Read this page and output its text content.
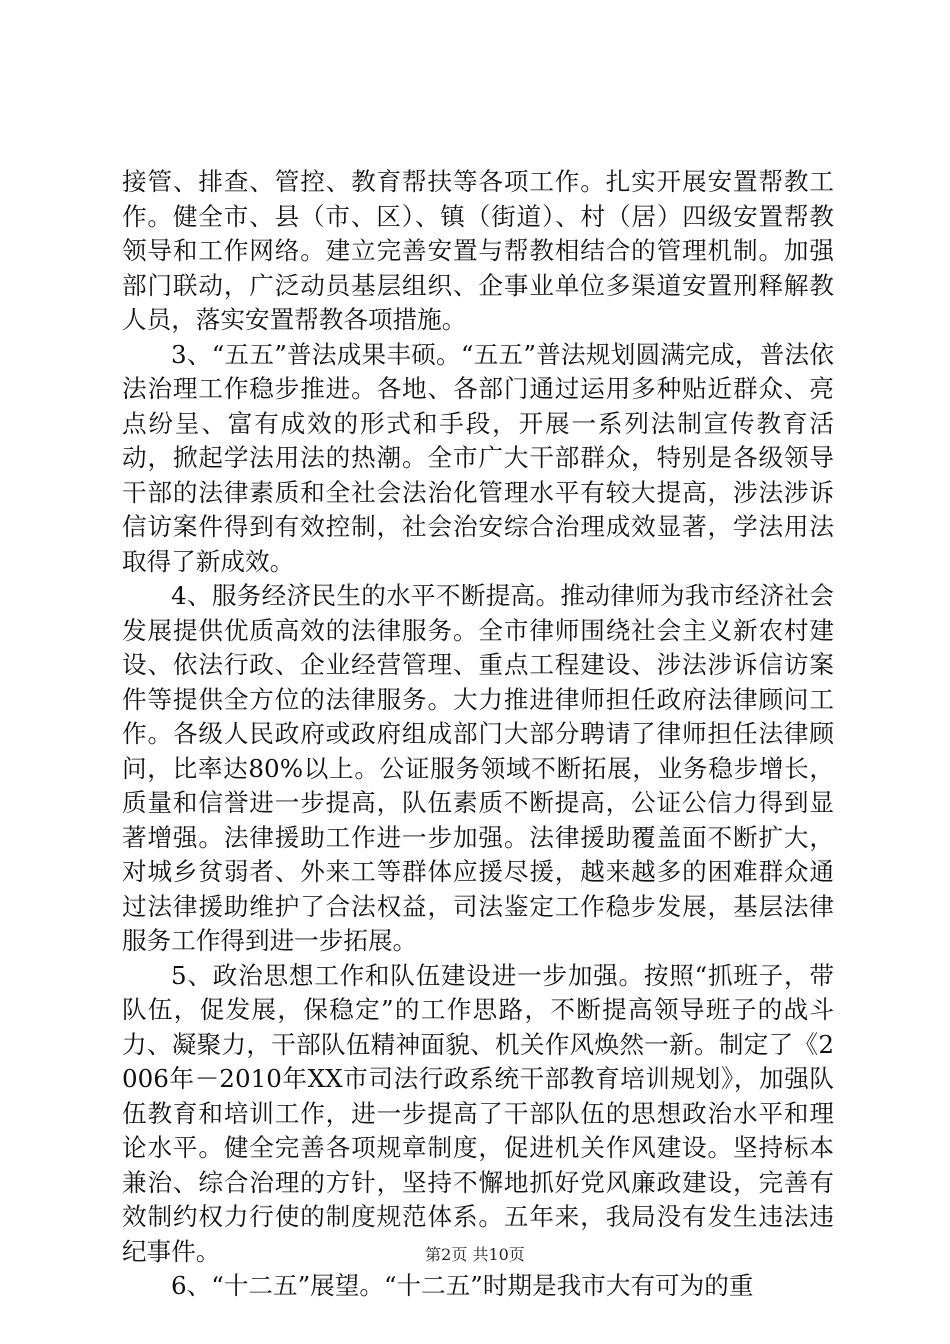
接管、排查、管控、教育帮扶等各项工作。扎实开展安置帮教工作。健全市、县（市、区）、镇（街道）、村（居）四级安置帮教领导和工作网络。建立完善安置与帮教相结合的管理机制。加强部门联动，广泛动员基层组织、企事业单位多渠道安置刑释解教人员，落实安置帮教各项措施。

3、“五五”普法成果丰硕。“五五”普法规划圆满完成，普法依法治理工作稳步推进。各地、各部门通过运用多种贴近群众、亮点纷呈、富有成效的形式和手段，开展一系列法制宣传教育活动，掀起学法用法的热潮。全市广大干部群众，特别是各级领导干部的法律素质和全社会法治化管理水平有较大提高，涉法涉诉信访案件得到有效控制，社会治安综合治理成效显著，学法用法取得了新成效。

4、服务经济民生的水平不断提高。推动律师为我市经济社会发展提供优质高效的法律服务。全市律师围绕社会主义新农村建设、依法行政、企业经营管理、重点工程建设、涉法涉诉信访案件等提供全方位的法律服务。大力推进律师担任政府法律顾问工作。各级人民政府或政府组成部门大部分聘请了律师担任法律顾问，比率达80%以上。公证服务领域不断拓展，业务稳步增长，质量和信誉进一步提高，队伍素质不断提高，公证公信力得到显著增强。法律援助工作进一步加强。法律援助覆盖面不断扩大，对城乡贫弱者、外来工等群体应援尽援，越来越多的困难群众通过法律援助维护了合法权益，司法鉴定工作稳步发展，基层法律服务工作得到进一步拓展。

5、政治思想工作和队伍建设进一步加强。按照“抓班子，带队伍，促发展，保稳定”的工作思路，不断提高领导班子的战斗力、凝聚力，干部队伍精神面貌、机关作风焕然一新。制定了《2006年－2010年XX市司法行政系统干部教育培训规划》，加强队伍教育和培训工作，进一步提高了干部队伍的思想政治水平和理论水平。健全完善各项规章制度，促进机关作风建设。坚持标本兼治、综合治理的方针，坚持不懈地抓好党风廉政建设，完善有效制约权力行使的制度规范体系。五年来，我局没有发生违法违纪事件。

6、“十二五”展望。“十二五”时期是我市大有可为的重

第2页 共10页
